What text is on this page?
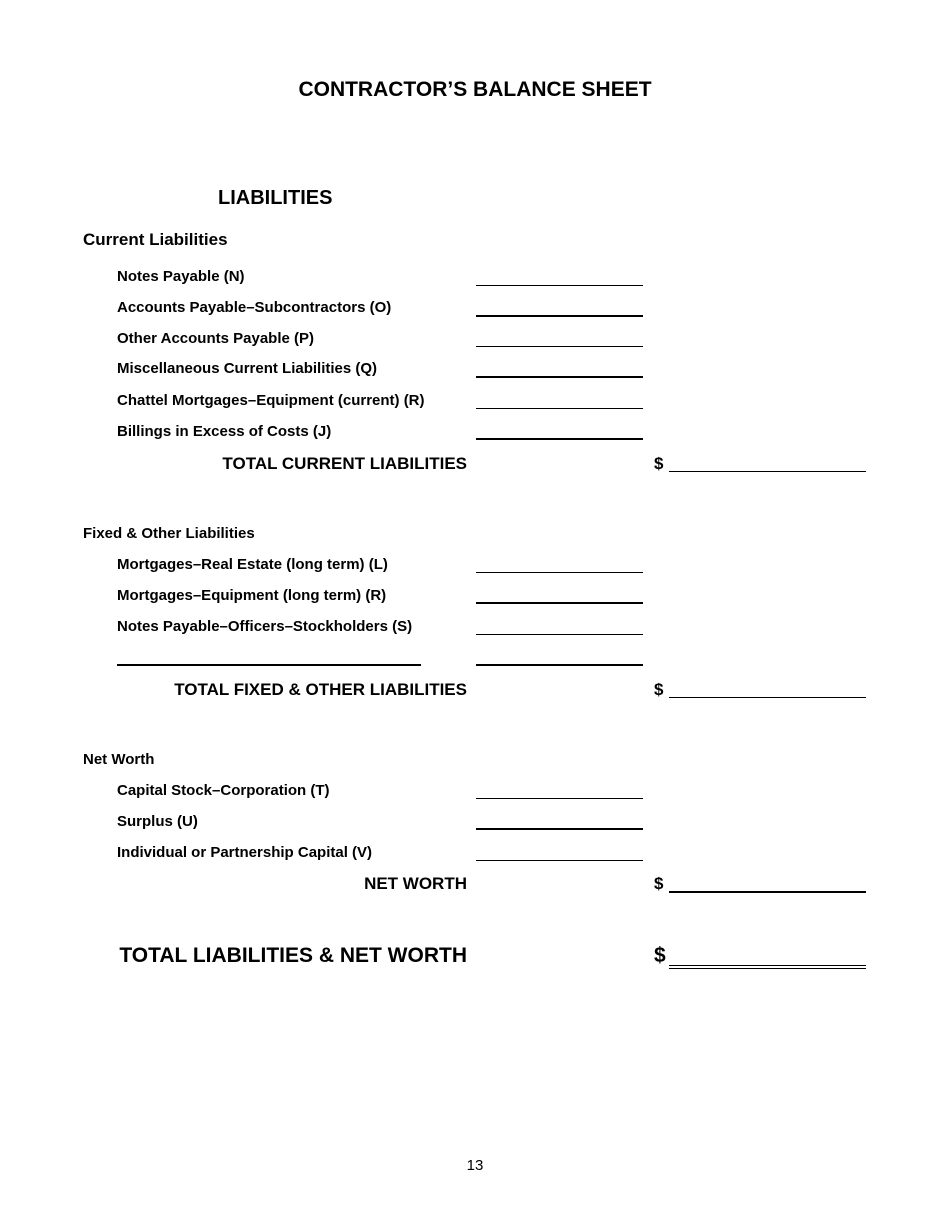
CONTRACTOR’S BALANCE SHEET
LIABILITIES
Current Liabilities
Notes Payable (N)
Accounts Payable–Subcontractors (O)
Other Accounts Payable (P)
Miscellaneous Current Liabilities (Q)
Chattel Mortgages–Equipment (current) (R)
Billings in Excess of Costs (J)
TOTAL CURRENT LIABILITIES	$
Fixed & Other Liabilities
Mortgages–Real Estate (long term) (L)
Mortgages–Equipment (long term) (R)
Notes Payable–Officers–Stockholders (S)
TOTAL FIXED & OTHER LIABILITIES	$
Net Worth
Capital Stock–Corporation (T)
Surplus (U)
Individual or Partnership Capital (V)
NET WORTH	$
TOTAL LIABILITIES & NET WORTH	$
13
